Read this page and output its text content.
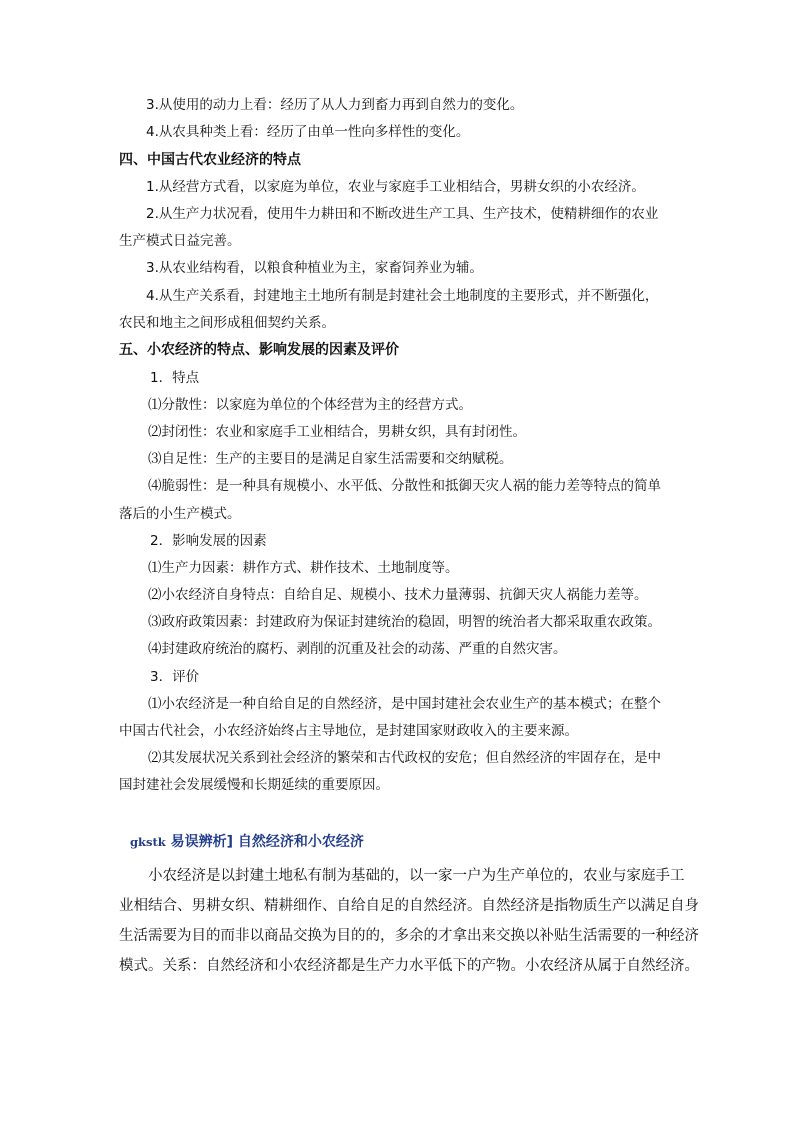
3.从使用的动力上看：经历了从人力到畜力再到自然力的变化。
4.从农具种类上看：经历了由单一性向多样性的变化。
四、中国古代农业经济的特点
1.从经营方式看，以家庭为单位，农业与家庭手工业相结合，男耕女织的小农经济。
2.从生产力状况看，使用牛力耕田和不断改进生产工具、生产技术，使精耕细作的农业
生产模式日益完善。
3.从农业结构看，以粮食种植业为主，家畜饲养业为辅。
4.从生产关系看，封建地主土地所有制是封建社会土地制度的主要形式，并不断强化，
农民和地主之间形成租佃契约关系。
五、小农经济的特点、影响发展的因素及评价
1．特点
⑴分散性：以家庭为单位的个体经营为主的经营方式。
⑵封闭性：农业和家庭手工业相结合，男耕女织，具有封闭性。
⑶自足性：生产的主要目的是满足自家生活需要和交纳赋税。
⑷脆弱性：是一种具有规模小、水平低、分散性和抵御天灾人祸的能力差等特点的简单
落后的小生产模式。
2．影响发展的因素
⑴生产力因素：耕作方式、耕作技术、土地制度等。
⑵小农经济自身特点：自给自足、规模小、技术力量薄弱、抗御天灾人祸能力差等。
⑶政府政策因素：封建政府为保证封建统治的稳固，明智的统治者大都采取重农政策。
⑷封建政府统治的腐朽、剥削的沉重及社会的动荡、严重的自然灾害。
3．评价
⑴小农经济是一种自给自足的自然经济，是中国封建社会农业生产的基本模式；在整个
中国古代社会，小农经济始终占主导地位，是封建国家财政收入的主要来源。
⑵其发展状况关系到社会经济的繁荣和古代政权的安危；但自然经济的牢固存在，是中
国封建社会发展缓慢和长期延续的重要原因。
gkstk 易误辨析] 自然经济和小农经济
小农经济是以封建土地私有制为基础的，以一家一户为生产单位的，农业与家庭手工
业相结合、男耕女织、精耕细作、自给自足的自然经济。自然经济是指物质生产以满足自身
生活需要为目的而非以商品交换为目的的，多余的才拿出来交换以补贴生活需要的一种经济
模式。关系：自然经济和小农经济都是生产力水平低下的产物。小农经济从属于自然经济。
